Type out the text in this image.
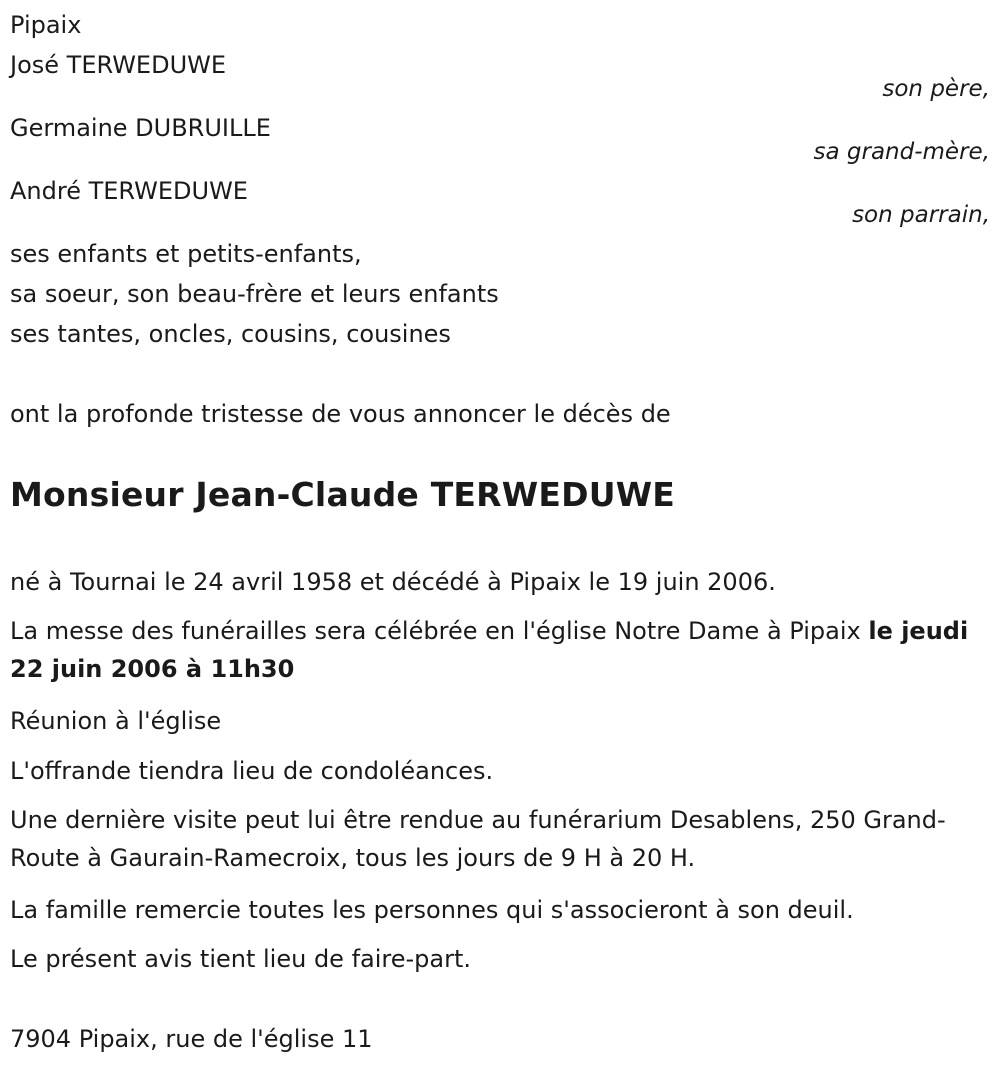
Pipaix
José TERWEDUWE
son père,
Germaine DUBRUILLE
sa grand-mère,
André TERWEDUWE
son parrain,
ses enfants et petits-enfants,
sa soeur, son beau-frère et leurs enfants
ses tantes, oncles, cousins, cousines
ont la profonde tristesse de vous annoncer le décès de
Monsieur Jean-Claude TERWEDUWE
né à Tournai le 24 avril 1958 et décédé à Pipaix le 19 juin 2006.
La messe des funérailles sera célébrée en l'église Notre Dame à Pipaix le jeudi 22 juin 2006 à 11h30
Réunion à l'église
L'offrande tiendra lieu de condoléances.
Une dernière visite peut lui être rendue au funérarium Desablens, 250 Grand-Route à Gaurain-Ramecroix, tous les jours de 9 H à 20 H.
La famille remercie toutes les personnes qui s'associeront à son deuil.
Le présent avis tient lieu de faire-part.
7904 Pipaix, rue de l'église 11
